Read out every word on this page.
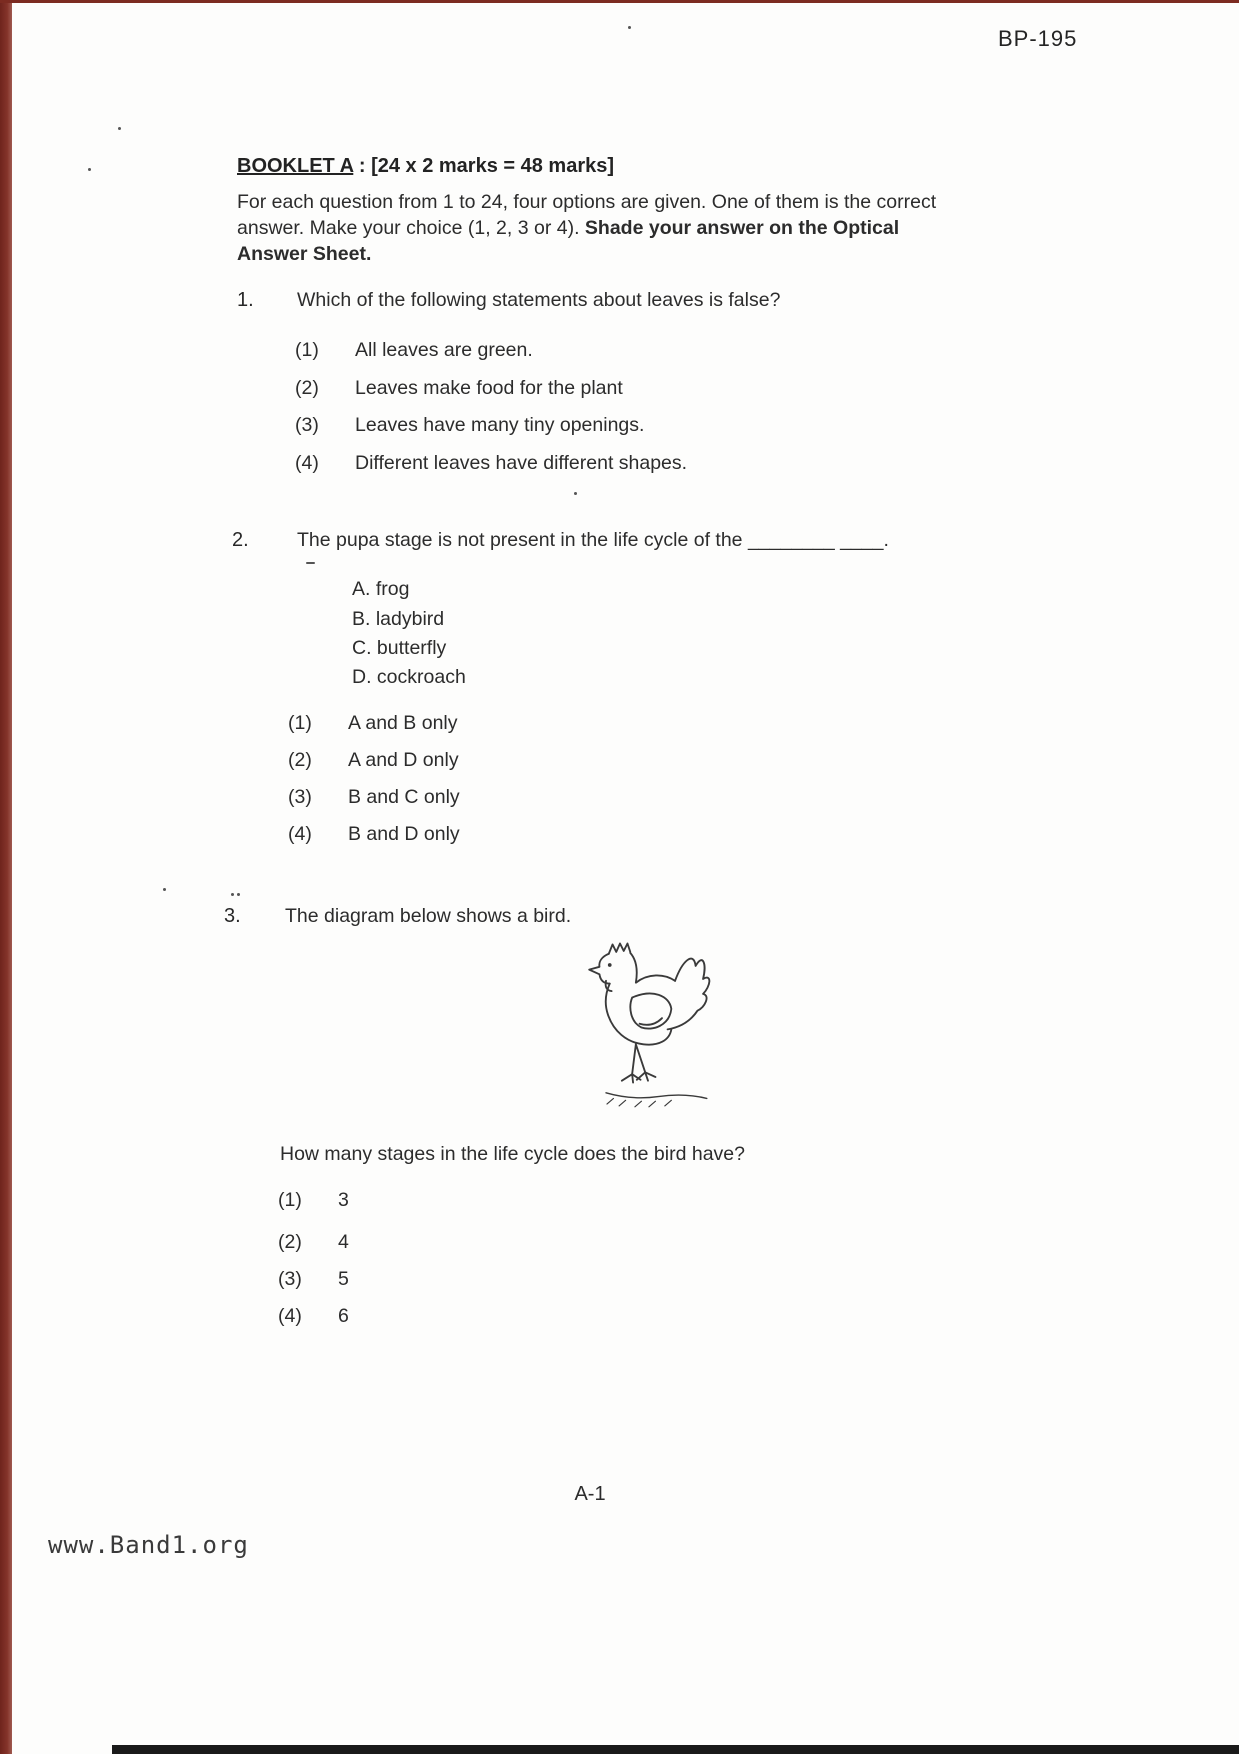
BP-195
BOOKLET A : [24 x 2 marks = 48 marks]
For each question from 1 to 24, four options are given. One of them is the correct answer. Make your choice (1, 2, 3 or 4). Shade your answer on the Optical Answer Sheet.
1. Which of the following statements about leaves is false?
(1)	All leaves are green.
(2)	Leaves make food for the plant
(3)	Leaves have many tiny openings.
(4)	Different leaves have different shapes.
2. The pupa stage is not present in the life cycle of the ________ ____.
A. frog
B. ladybird
C. butterfly
D. cockroach
(1)	A and B only
(2)	A and D only
(3)	B and C only
(4)	B and D only
3. The diagram below shows a bird.
How many stages in the life cycle does the bird have?
(1)	3
(2)	4
(3)	5
(4)	6
A-1
www.Band1.org
